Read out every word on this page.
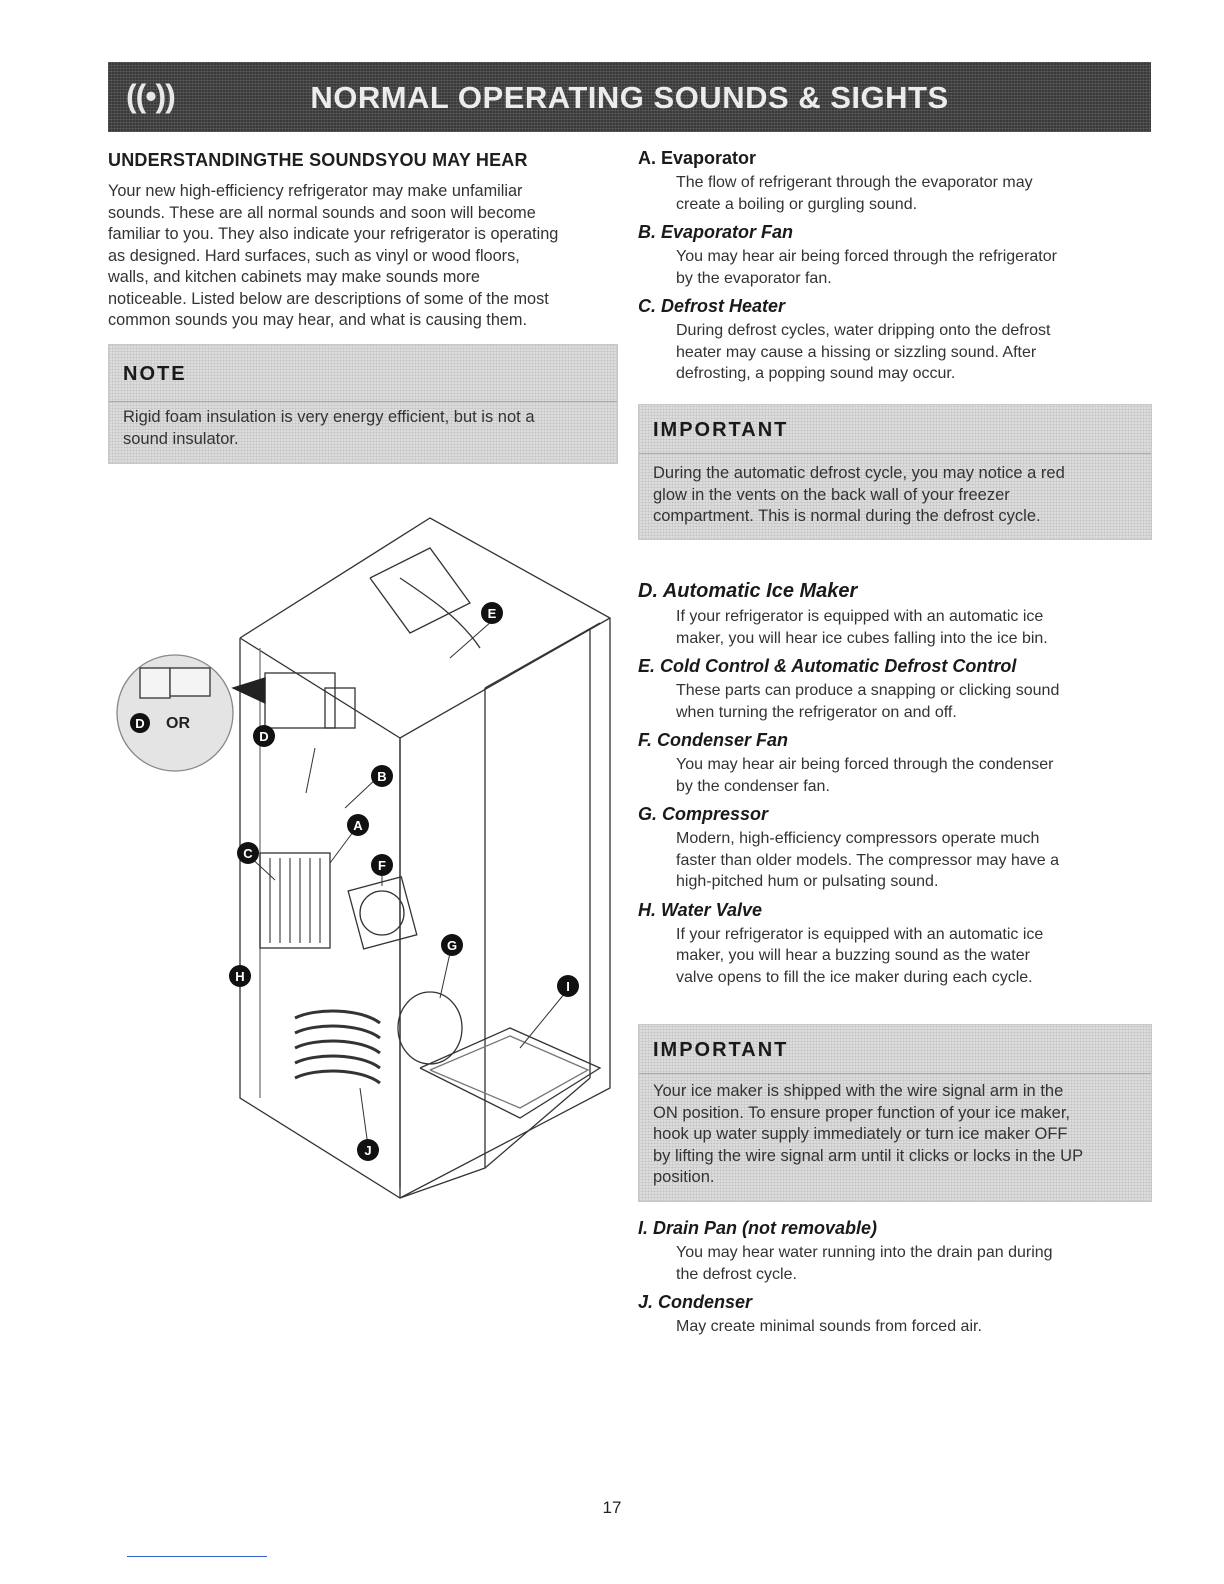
((•))	NORMAL OPERATING SOUNDS & SIGHTS
UNDERSTANDINGTHE SOUNDSYOU MAY HEAR

Your new high-efficiency refrigerator may make unfamiliar
sounds. These are all normal sounds and soon will become
familiar to you. They also indicate your refrigerator is operating
as designed. Hard surfaces, such as vinyl or wood floors,
walls, and kitchen cabinets may make sounds more
noticeable. Listed below are descriptions of some of the most
common sounds you may hear, and what is causing them.

NOTE
Rigid foam insulation is very energy efficient, but is not a
sound insulator.
E
D
B
A
C
F
G
H
I
J
D OR
A. Evaporator

The flow of refrigerant through the evaporator may
create a boiling or gurgling sound.

B. Evaporator Fan

You may hear air being forced through the refrigerator
by the evaporator fan.

C. Defrost Heater

During defrost cycles, water dripping onto the defrost
heater may cause a hissing or sizzling sound. After
defrosting, a popping sound may occur.

IMPORTANT
During the automatic defrost cycle, you may notice a red
glow in the vents on the back wall of your freezer
compartment. This is normal during the defrost cycle.
D. Automatic Ice Maker

If your refrigerator is equipped with an automatic ice
maker, you will hear ice cubes falling into the ice bin.

E. Cold Control & Automatic Defrost Control

These parts can produce a snapping or clicking sound
when turning the refrigerator on and off.

F. Condenser Fan

You may hear air being forced through the condenser
by the condenser fan.

G. Compressor

Modern, high-efficiency compressors operate much
faster than older models. The compressor may have a
high-pitched hum or pulsating sound.

H. Water Valve

If your refrigerator is equipped with an automatic ice
maker, you will hear a buzzing sound as the water
valve opens to fill the ice maker during each cycle.

IMPORTANT
Your ice maker is shipped with the wire signal arm in the
ON position. To ensure proper function of your ice maker,
hook up water supply immediately or turn ice maker OFF
by lifting the wire signal arm until it clicks or locks in the UP
position.
I. Drain Pan (not removable)

You may hear water running into the drain pan during
the defrost cycle.

J. Condenser

May create minimal sounds from forced air.

17
